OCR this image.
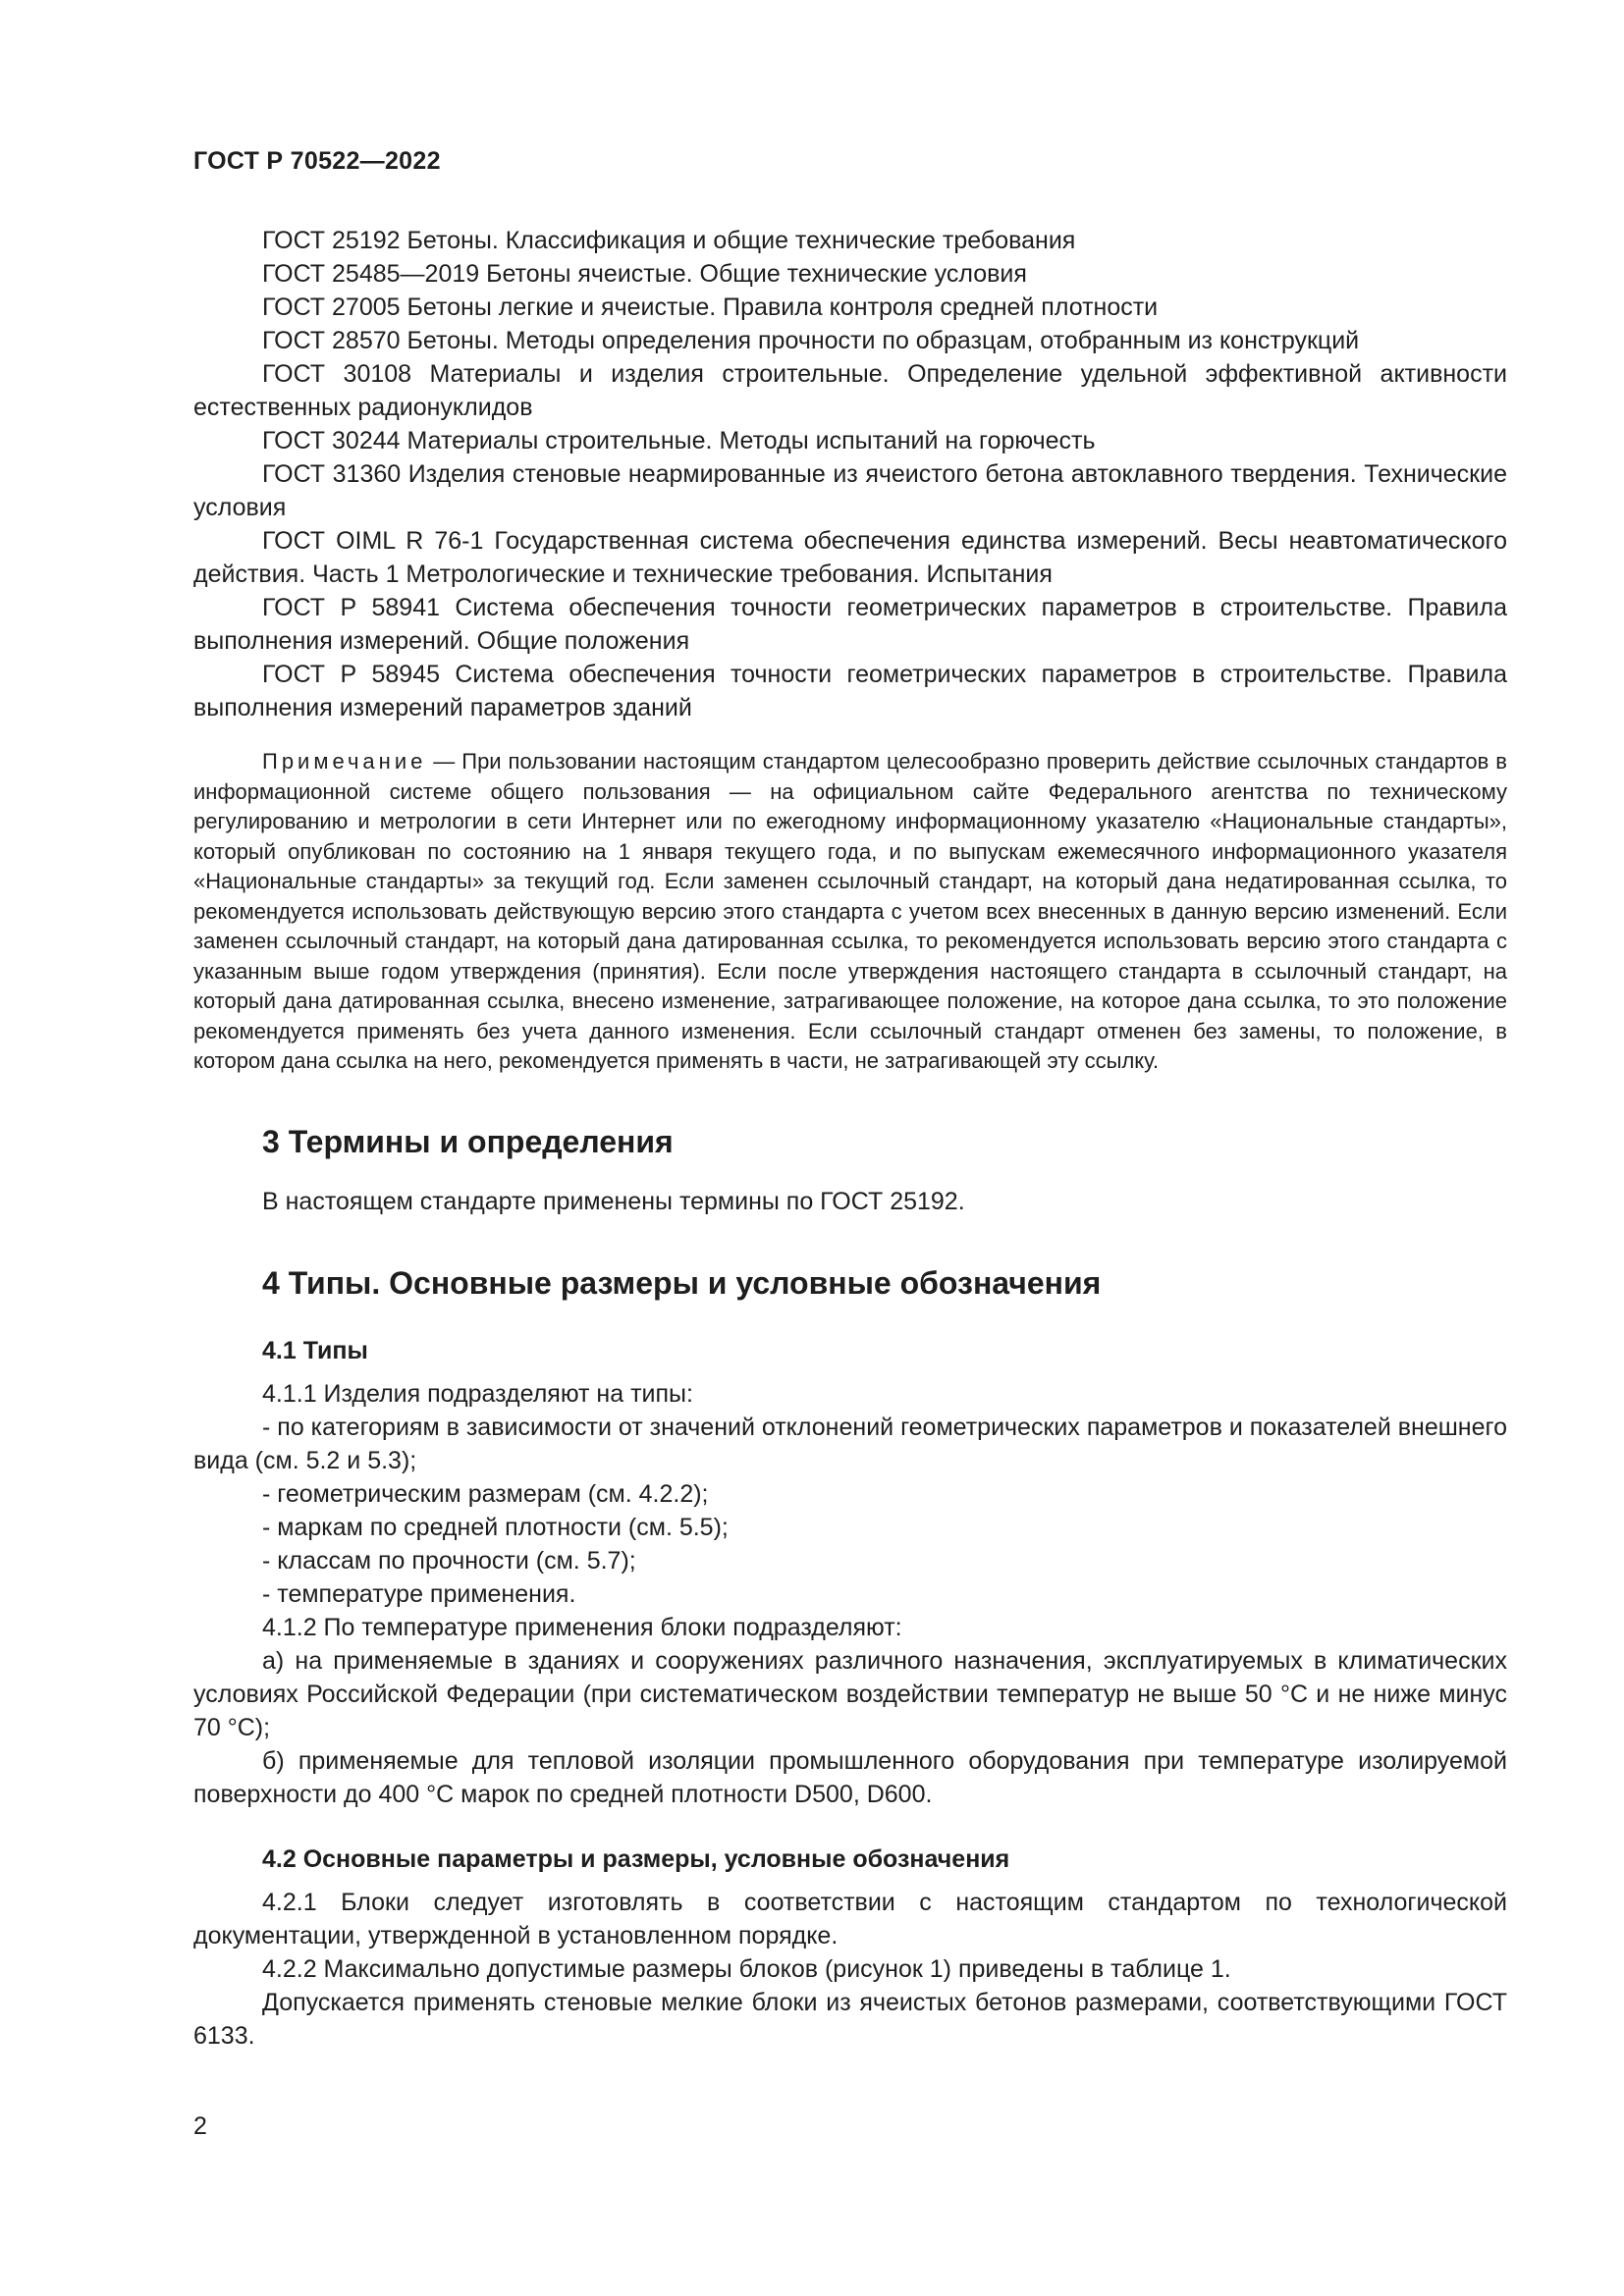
ГОСТ Р 70522—2022

ГОСТ 25192 Бетоны. Классификация и общие технические требования

ГОСТ 25485—2019 Бетоны ячеистые. Общие технические условия

ГОСТ 27005 Бетоны легкие и ячеистые. Правила контроля средней плотности

ГОСТ 28570 Бетоны. Методы определения прочности по образцам, отобранным из конструкций

ГОСТ 30108 Материалы и изделия строительные. Определение удельной эффективной активности естественных радионуклидов

ГОСТ 30244 Материалы строительные. Методы испытаний на горючесть

ГОСТ 31360 Изделия стеновые неармированные из ячеистого бетона автоклавного твердения. Технические условия

ГОСТ OIML R 76-1 Государственная система обеспечения единства измерений. Весы неавтоматического действия. Часть 1 Метрологические и технические требования. Испытания

ГОСТ Р 58941 Система обеспечения точности геометрических параметров в строительстве. Правила выполнения измерений. Общие положения

ГОСТ Р 58945 Система обеспечения точности геометрических параметров в строительстве. Правила выполнения измерений параметров зданий

Примечание — При пользовании настоящим стандартом целесообразно проверить действие ссылочных стандартов в информационной системе общего пользования — на официальном сайте Федерального агентства по техническому регулированию и метрологии в сети Интернет или по ежегодному информационному указателю «Национальные стандарты», который опубликован по состоянию на 1 января текущего года, и по выпускам ежемесячного информационного указателя «Национальные стандарты» за текущий год. Если заменен ссылочный стандарт, на который дана недатированная ссылка, то рекомендуется использовать действующую версию этого стандарта с учетом всех внесенных в данную версию изменений. Если заменен ссылочный стандарт, на который дана датированная ссылка, то рекомендуется использовать версию этого стандарта с указанным выше годом утверждения (принятия). Если после утверждения настоящего стандарта в ссылочный стандарт, на который дана датированная ссылка, внесено изменение, затрагивающее положение, на которое дана ссылка, то это положение рекомендуется применять без учета данного изменения. Если ссылочный стандарт отменен без замены, то положение, в котором дана ссылка на него, рекомендуется применять в части, не затрагивающей эту ссылку.

3 Термины и определения

В настоящем стандарте применены термины по ГОСТ 25192.

4 Типы. Основные размеры и условные обозначения
4.1 Типы

4.1.1 Изделия подразделяют на типы:

- по категориям в зависимости от значений отклонений геометрических параметров и показателей внешнего вида (см. 5.2 и 5.3);

- геометрическим размерам (см. 4.2.2);

- маркам по средней плотности (см. 5.5);

- классам по прочности (см. 5.7);

- температуре применения.

4.1.2 По температуре применения блоки подразделяют:

а) на применяемые в зданиях и сооружениях различного назначения, эксплуатируемых в климатических условиях Российской Федерации (при систематическом воздействии температур не выше 50 °С и не ниже минус 70 °С);

б) применяемые для тепловой изоляции промышленного оборудования при температуре изолируемой поверхности до 400 °С марок по средней плотности D500, D600.

4.2 Основные параметры и размеры, условные обозначения

4.2.1 Блоки следует изготовлять в соответствии с настоящим стандартом по технологической документации, утвержденной в установленном порядке.

4.2.2 Максимально допустимые размеры блоков (рисунок 1) приведены в таблице 1.

Допускается применять стеновые мелкие блоки из ячеистых бетонов размерами, соответствующими ГОСТ 6133.

2
